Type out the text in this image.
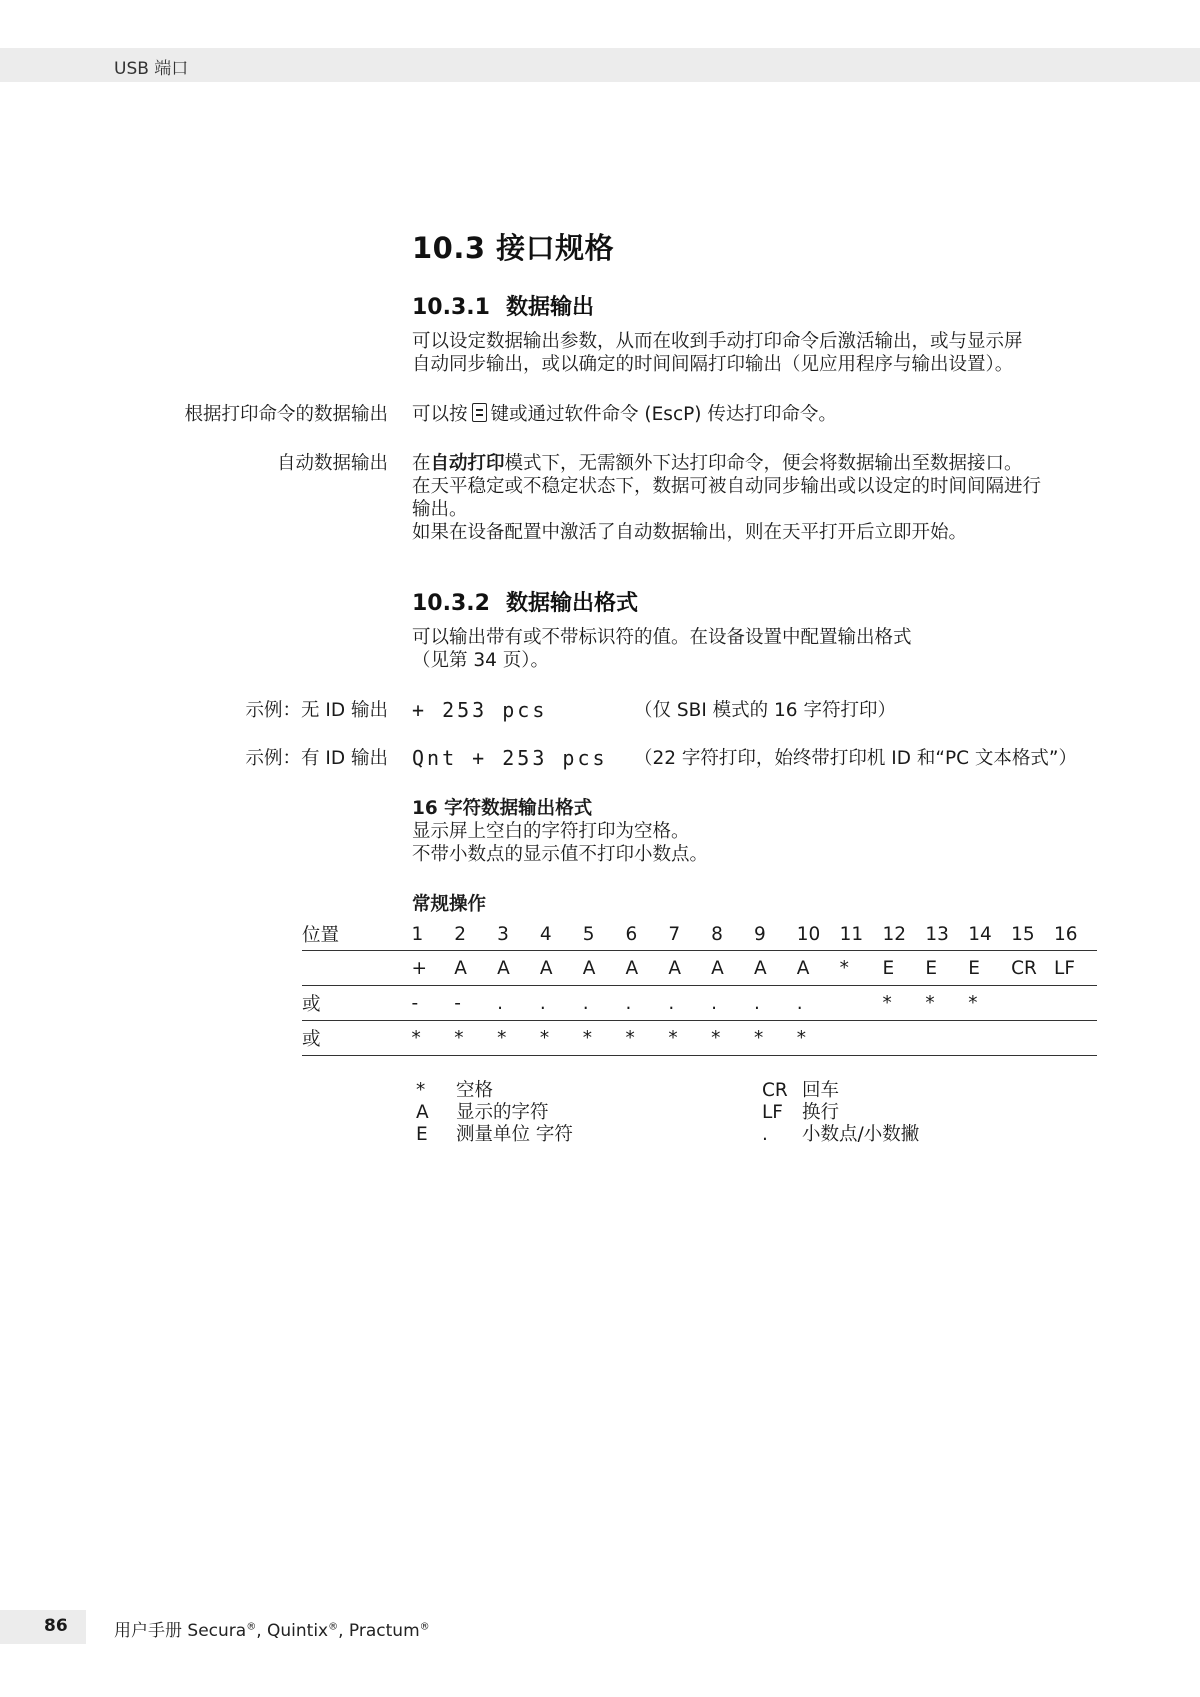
USB 端口
10.3 接口规格
10.3.1 数据输出

可以设定数据输出参数，从而在收到手动打印命令后激活输出，或与显示屏

自动同步输出，或以确定的时间间隔打印输出（见应用程序与输出设置）。

根据打印命令的数据输出 可以按 键或通过软件命令 (EscP) 传达打印命令。

自动数据输出 在自动打印模式下，无需额外下达打印命令，便会将数据输出至数据接口。

在天平稳定或不稳定状态下，数据可被自动同步输出或以设定的时间间隔进行

输出。

如果在设备配置中激活了自动数据输出，则在天平打开后立即开始。

10.3.2 数据输出格式

可以输出带有或不带标识符的值。在设备设置中配置输出格式

（见第 34 页）。

示例：无 ID 输出 + 253 pcs	（仅 SBI 模式的 16 字符打印）
示例：有 ID 输出 Qnt + 253 pcs （22 字符打印，始终带打印机 ID 和“PC 文本格式”）

16 字符数据输出格式

显示屏上空白的字符打印为空格。

不带小数点的显示值不打印小数点。

常规操作
位置	1	2	3	4	5	6	7	8	9	10	11	12	13	14	15	16
	+	A	A	A	A	A	A	A	A	A	*	E	E	E	CR	LF
或	-	-	.	.	.	.	.	.	.	.		*	*	*		
或	*	*	*	*	*	*	*	*	*	*						
*	空格
A	显示的字符
E	测量单位 字符
CR 回车
LF	换行
.	小数点/小数撇
86	用户手册 Secura®, Quintix®, Practum®
